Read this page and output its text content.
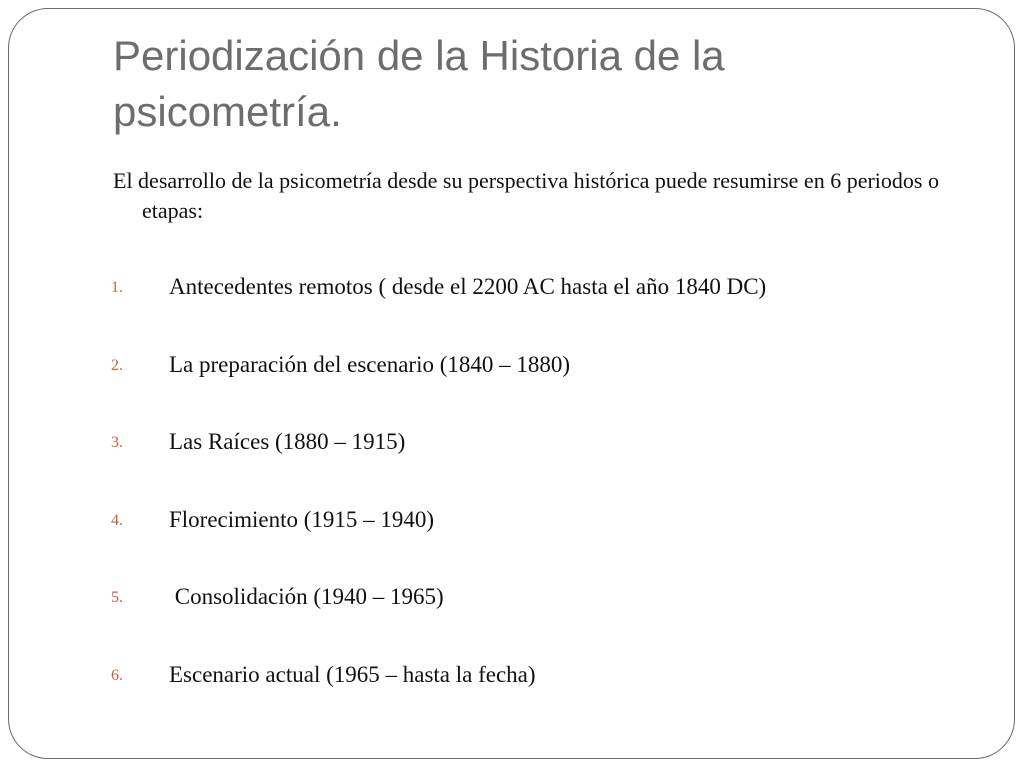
Periodización de la Historia de la psicometría.

El desarrollo de la psicometría desde su perspectiva histórica puede resumirse en 6 periodos o etapas:

1. Antecedentes remotos ( desde el 2200 AC hasta el año 1840 DC)
2. La preparación del escenario (1840 – 1880)
3. Las Raíces (1880 – 1915)
4. Florecimiento (1915 – 1940)
5. Consolidación (1940 – 1965)
6. Escenario actual (1965 – hasta la fecha)
